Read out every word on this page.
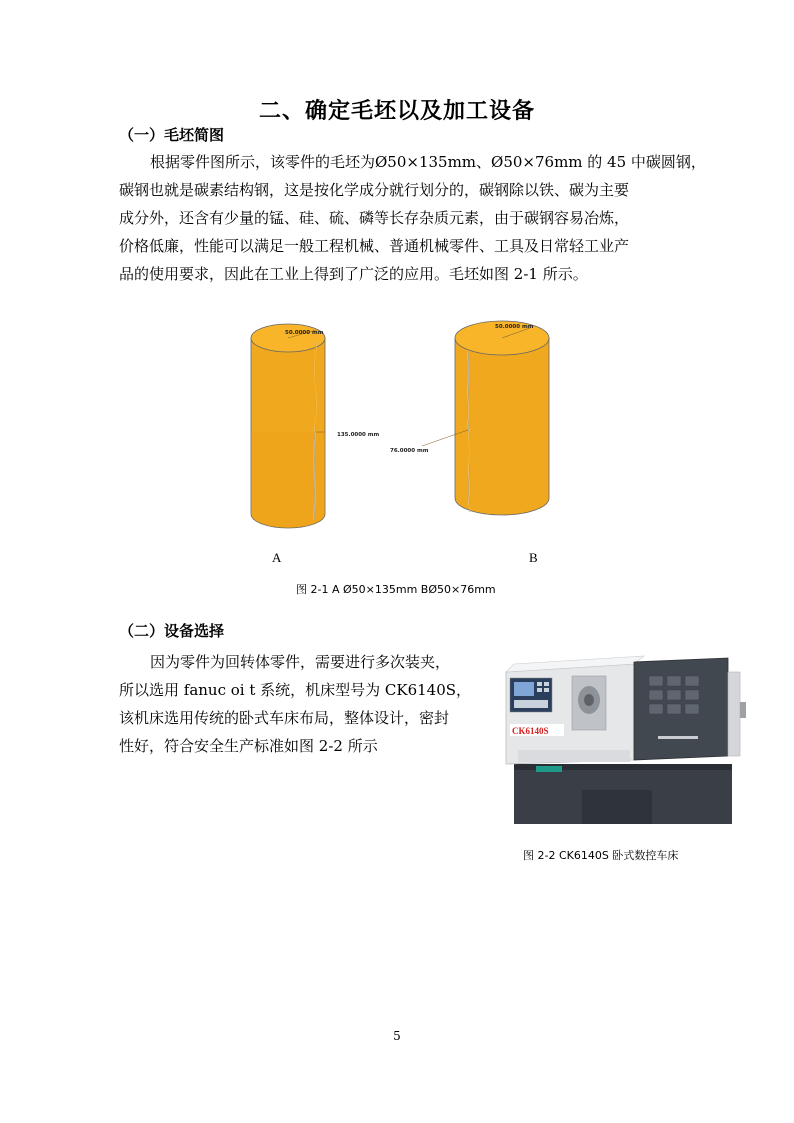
二、确定毛坯以及加工设备
（一）毛坯简图
根据零件图所示，该零件的毛坯为Ø50×135mm、Ø50×76mm 的 45 中碳圆钢，
碳钢也就是碳素结构钢，这是按化学成分就行划分的，碳钢除以铁、碳为主要
成分外，还含有少量的锰、硅、硫、磷等长存杂质元素，由于碳钢容易冶炼，
价格低廉，性能可以满足一般工程机械、普通机械零件、工具及日常轻工业产
品的使用要求，因此在工业上得到了广泛的应用。毛坯如图 2-1 所示。
50.0000 mm
135.0000 mm
50.0000 mm
76.0000 mm
A	B
图 2-1 A Ø50×135mm BØ50×76mm
（二）设备选择
因为零件为回转体零件，需要进行多次装夹，
所以选用 fanuc oi t 系统，机床型号为 CK6140S，
该机床选用传统的卧式车床布局，整体设计，密封
性好，符合安全生产标准如图 2-2 所示
CK6140S
图 2-2 CK6140S 卧式数控车床
5
